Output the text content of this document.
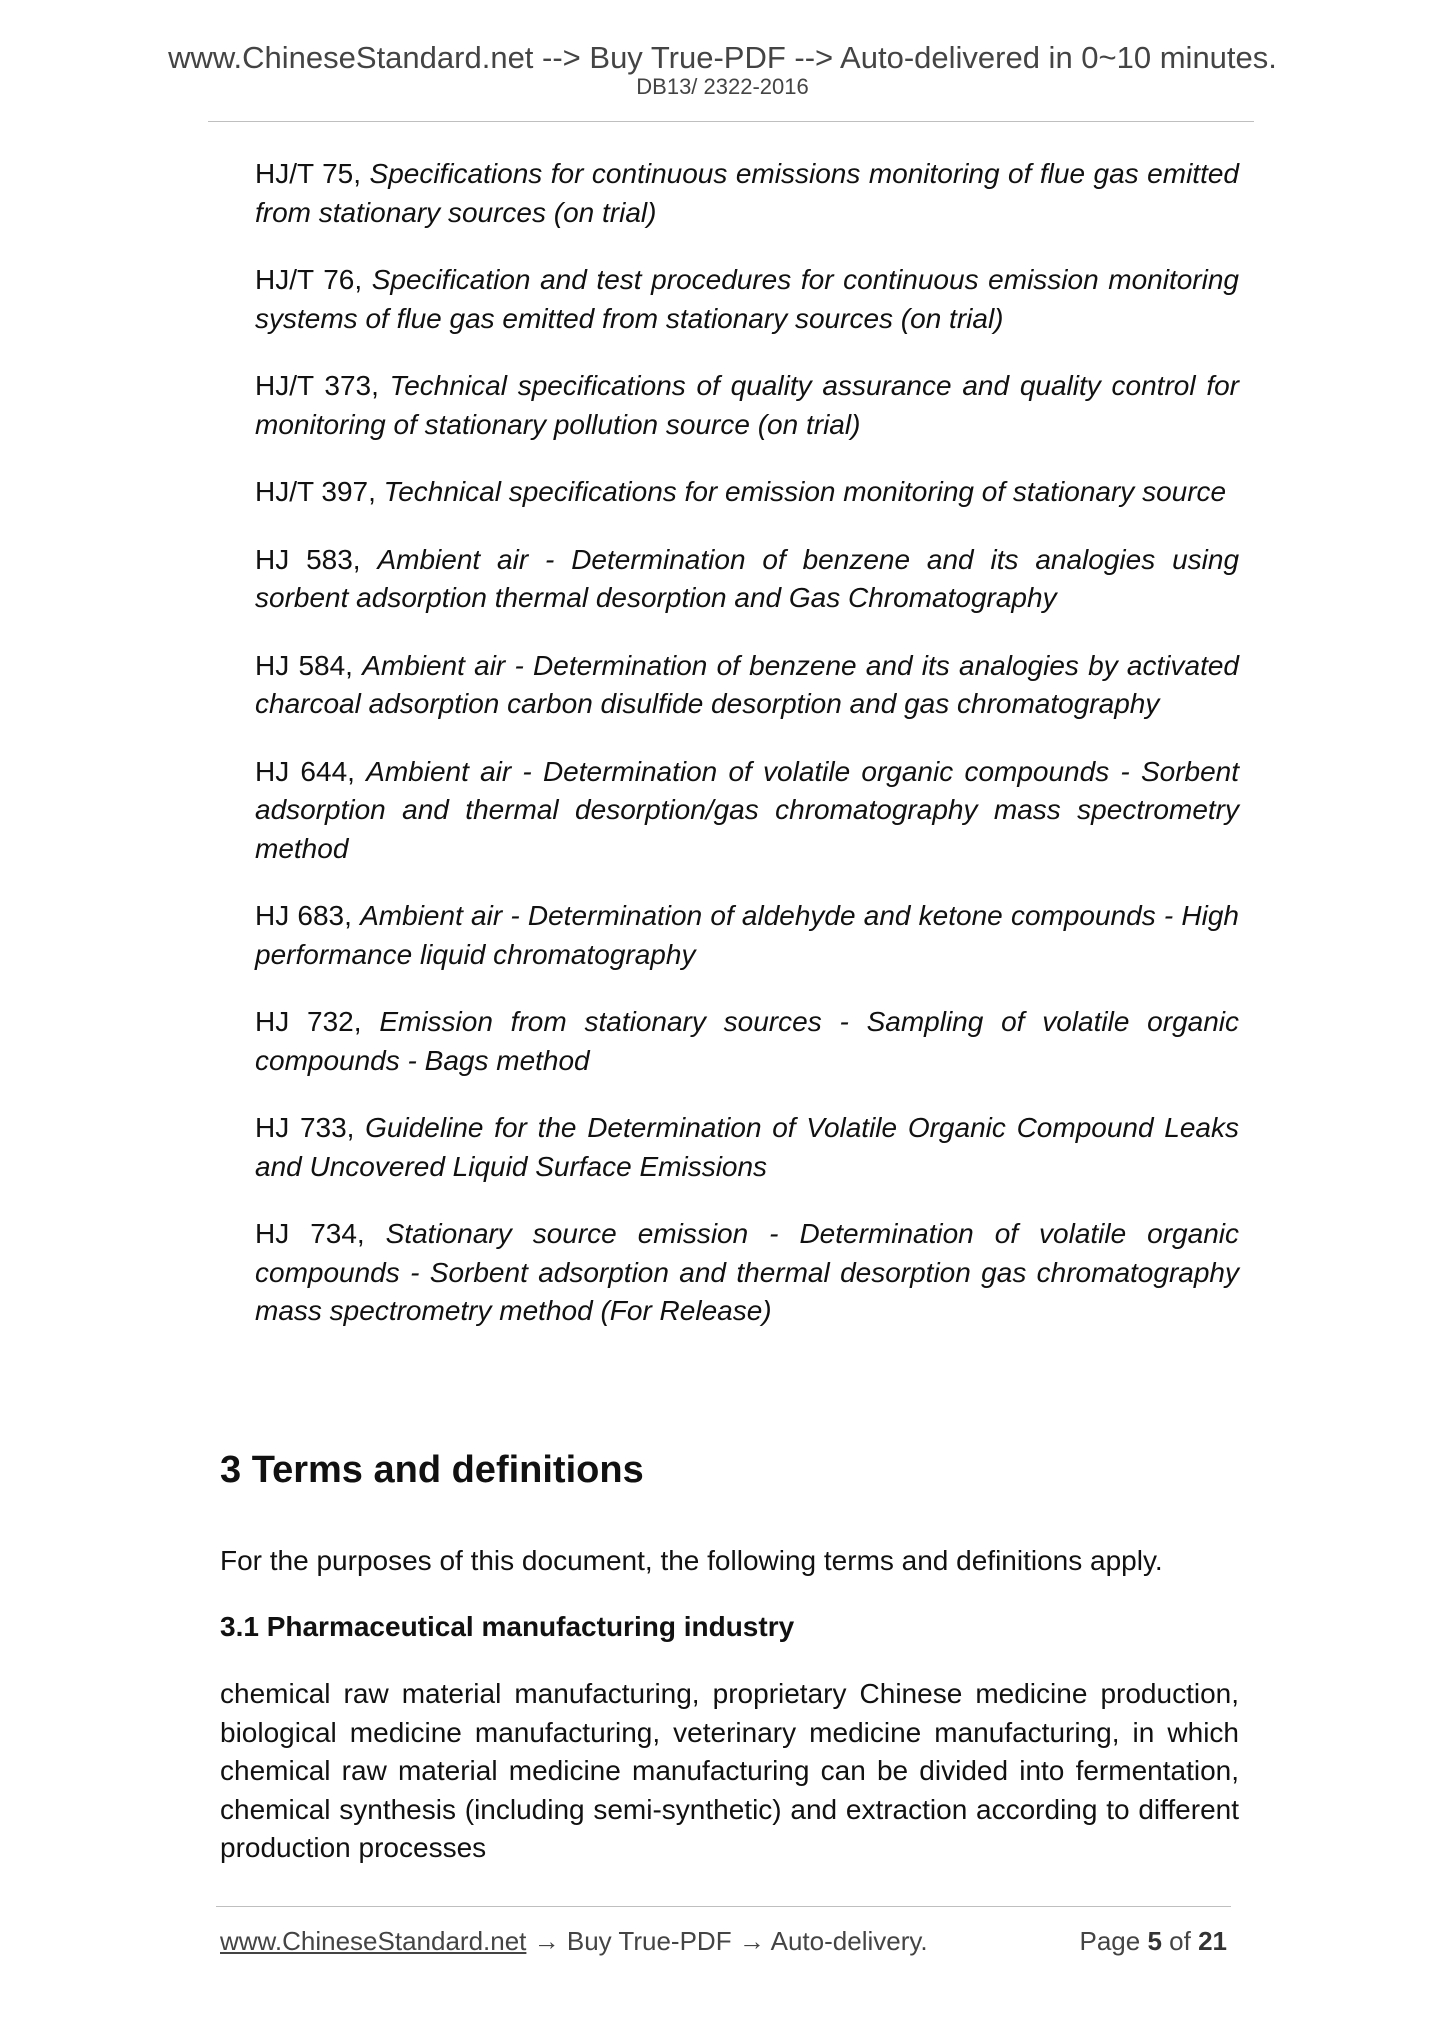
www.ChineseStandard.net --> Buy True-PDF --> Auto-delivered in 0~10 minutes.
DB13/ 2322-2016

HJ/T 75, Specifications for continuous emissions monitoring of flue gas emitted from stationary sources (on trial)

HJ/T 76, Specification and test procedures for continuous emission monitoring systems of flue gas emitted from stationary sources (on trial)

HJ/T 373, Technical specifications of quality assurance and quality control for monitoring of stationary pollution source (on trial)

HJ/T 397, Technical specifications for emission monitoring of stationary source

HJ 583, Ambient air - Determination of benzene and its analogies using sorbent adsorption thermal desorption and Gas Chromatography

HJ 584, Ambient air - Determination of benzene and its analogies by activated charcoal adsorption carbon disulfide desorption and gas chromatography

HJ 644, Ambient air - Determination of volatile organic compounds - Sorbent adsorption and thermal desorption/gas chromatography mass spectrometry method

HJ 683, Ambient air - Determination of aldehyde and ketone compounds - High performance liquid chromatography

HJ 732, Emission from stationary sources - Sampling of volatile organic compounds - Bags method

HJ 733, Guideline for the Determination of Volatile Organic Compound Leaks and Uncovered Liquid Surface Emissions

HJ 734, Stationary source emission - Determination of volatile organic compounds - Sorbent adsorption and thermal desorption gas chromatography mass spectrometry method (For Release)

3 Terms and definitions

For the purposes of this document, the following terms and definitions apply.

3.1 Pharmaceutical manufacturing industry

chemical raw material manufacturing, proprietary Chinese medicine production, biological medicine manufacturing, veterinary medicine manufacturing, in which chemical raw material medicine manufacturing can be divided into fermentation, chemical synthesis (including semi-synthetic) and extraction according to different production processes

www.ChineseStandard.net → Buy True-PDF → Auto-delivery.	Page 5 of 21
